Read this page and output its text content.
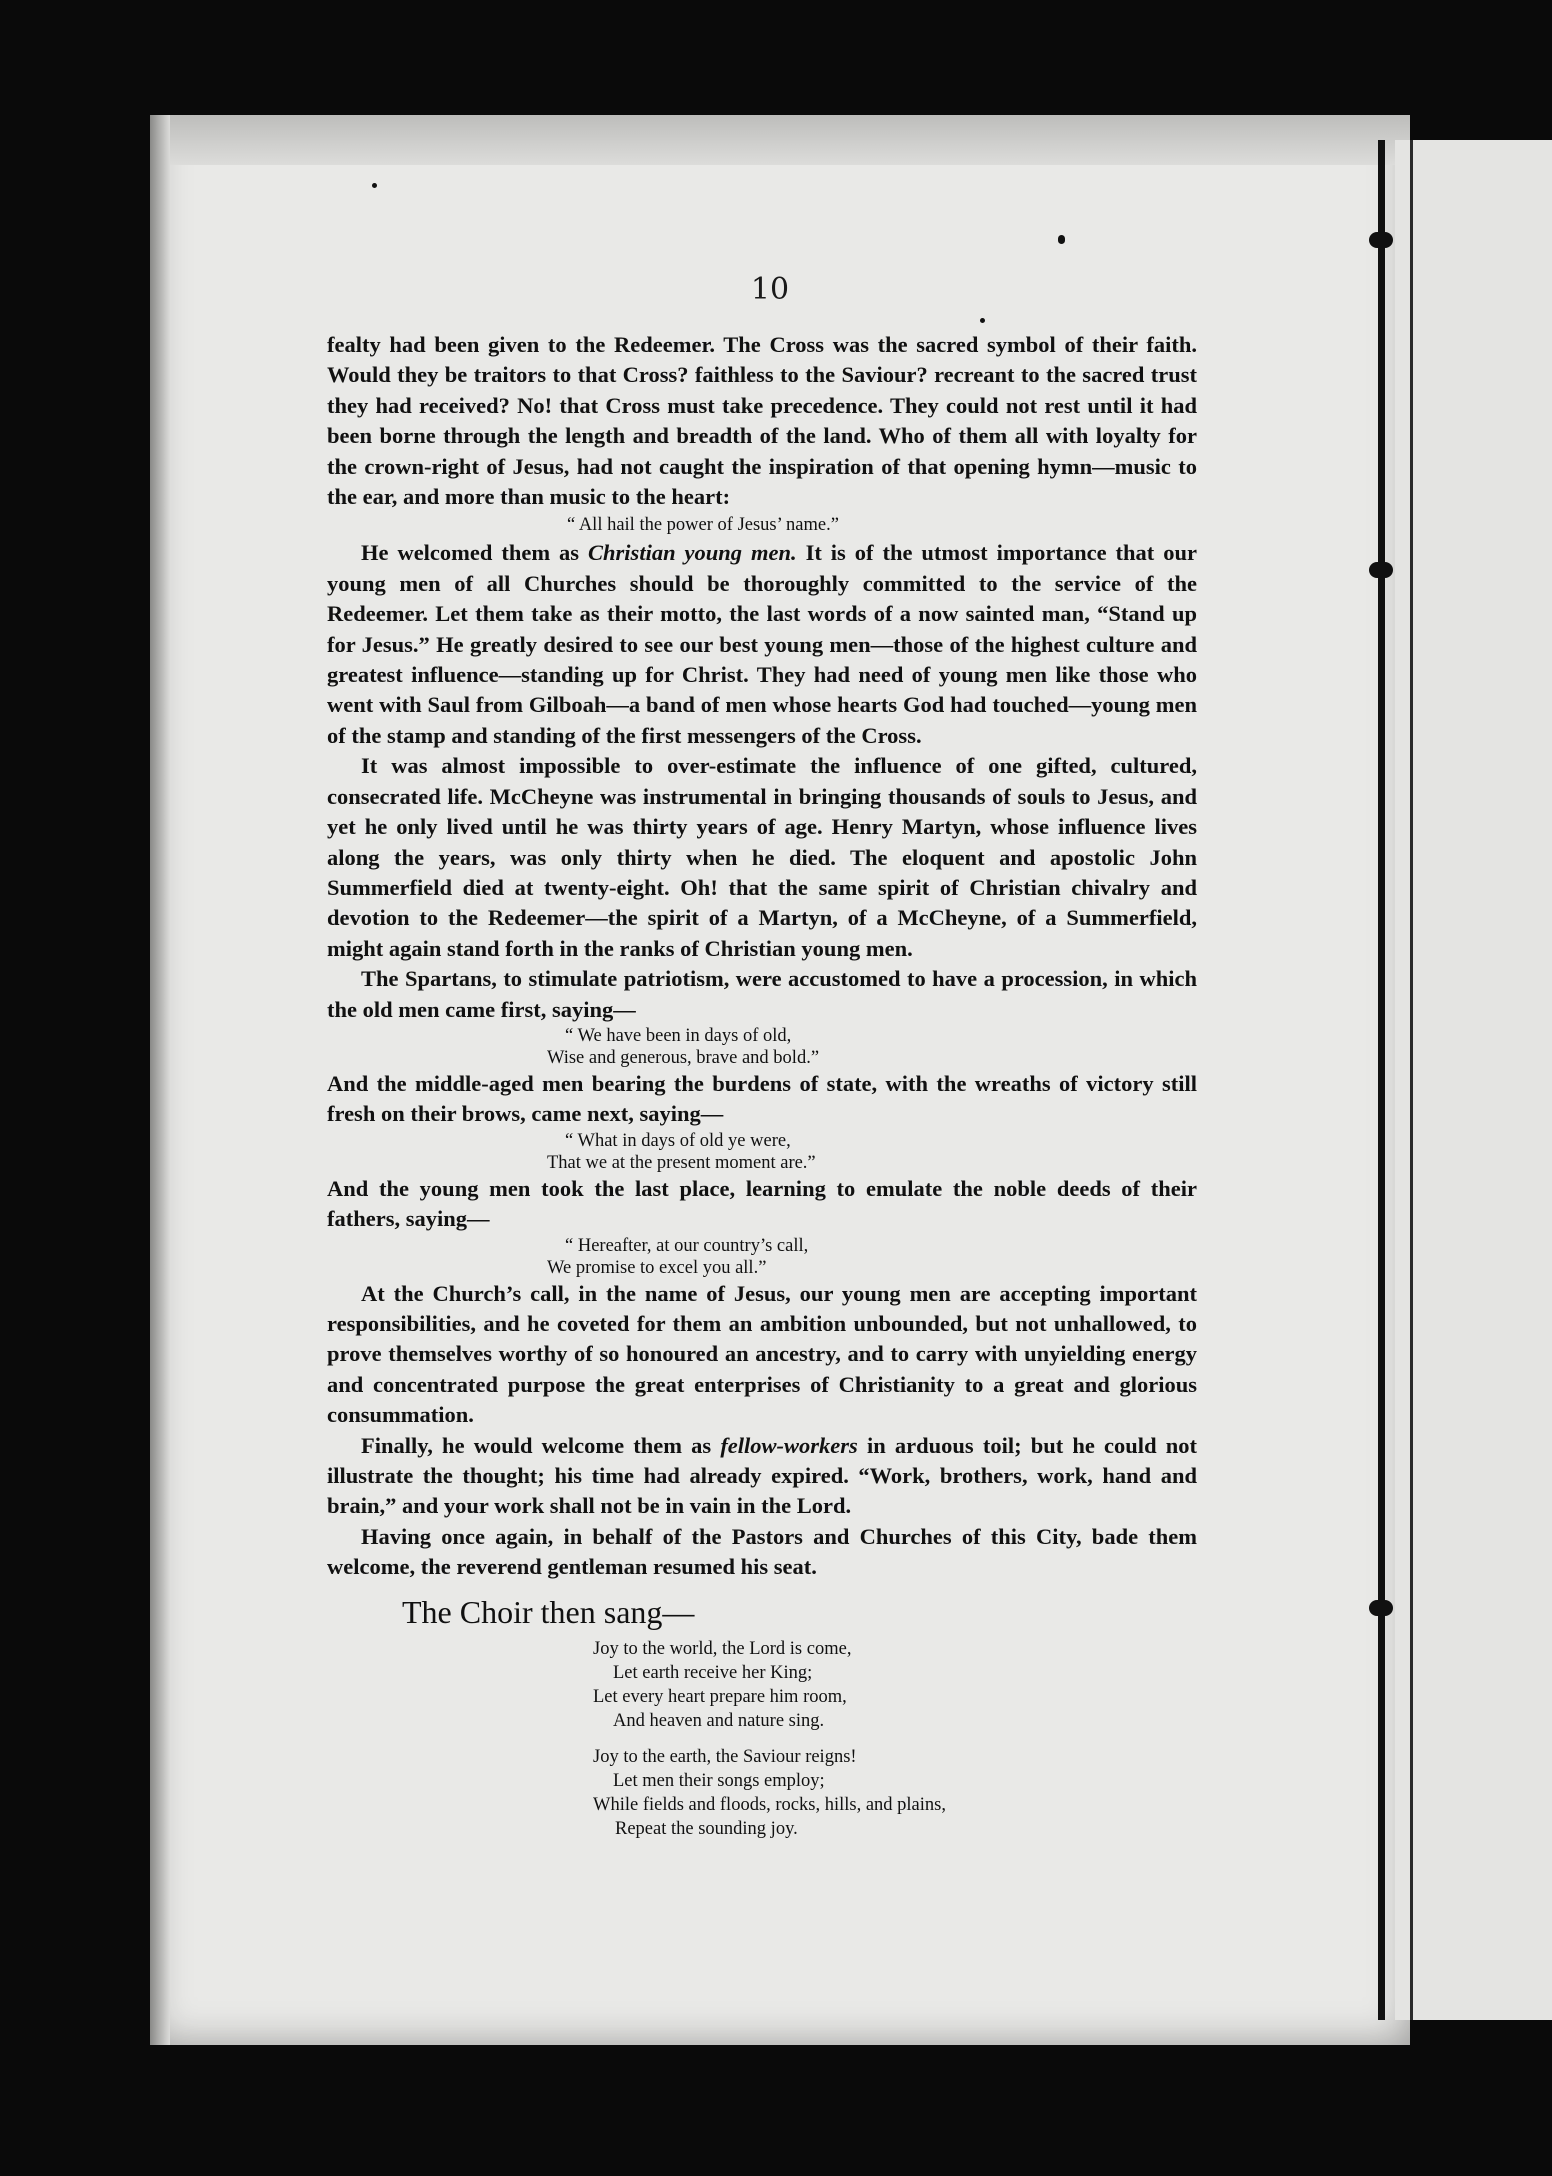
10

fealty had been given to the Redeemer. The Cross was the sacred symbol of their faith. Would they be traitors to that Cross? faithless to the Saviour? recreant to the sacred trust they had received? No! that Cross must take precedence. They could not rest until it had been borne through the length and breadth of the land. Who of them all with loyalty for the crown-right of Jesus, had not caught the inspiration of that opening hymn—music to the ear, and more than music to the heart:

“ All hail the power of Jesus’ name.”

He welcomed them as Christian young men. It is of the utmost importance that our young men of all Churches should be thoroughly committed to the service of the Redeemer. Let them take as their motto, the last words of a now sainted man, “Stand up for Jesus.” He greatly desired to see our best young men—those of the highest culture and greatest influence—standing up for Christ. They had need of young men like those who went with Saul from Gilboah—a band of men whose hearts God had touched—young men of the stamp and standing of the first messengers of the Cross.

It was almost impossible to over-estimate the influence of one gifted, cultured, consecrated life. McCheyne was instrumental in bringing thousands of souls to Jesus, and yet he only lived until he was thirty years of age. Henry Martyn, whose influence lives along the years, was only thirty when he died. The eloquent and apostolic John Summerfield died at twenty-eight. Oh! that the same spirit of Christian chivalry and devotion to the Redeemer—the spirit of a Martyn, of a McCheyne, of a Summerfield, might again stand forth in the ranks of Christian young men.

The Spartans, to stimulate patriotism, were accustomed to have a procession, in which the old men came first, saying—

“ We have been in days of old,
Wise and generous, brave and bold.”

And the middle-aged men bearing the burdens of state, with the wreaths of victory still fresh on their brows, came next, saying—

“ What in days of old ye were,
That we at the present moment are.”

And the young men took the last place, learning to emulate the noble deeds of their fathers, saying—

“ Hereafter, at our country’s call,
We promise to excel you all.”

At the Church’s call, in the name of Jesus, our young men are accepting important responsibilities, and he coveted for them an ambition unbounded, but not unhallowed, to prove themselves worthy of so honoured an ancestry, and to carry with unyielding energy and concentrated purpose the great enterprises of Christianity to a great and glorious consummation.

Finally, he would welcome them as fellow-workers in arduous toil; but he could not illustrate the thought; his time had already expired. “Work, brothers, work, hand and brain,” and your work shall not be in vain in the Lord.

Having once again, in behalf of the Pastors and Churches of this City, bade them welcome, the reverend gentleman resumed his seat.

The Choir then sang—

Joy to the world, the Lord is come,
Let earth receive her King;
Let every heart prepare him room,
And heaven and nature sing.

Joy to the earth, the Saviour reigns!
Let men their songs employ;
While fields and floods, rocks, hills, and plains,
Repeat the sounding joy.
